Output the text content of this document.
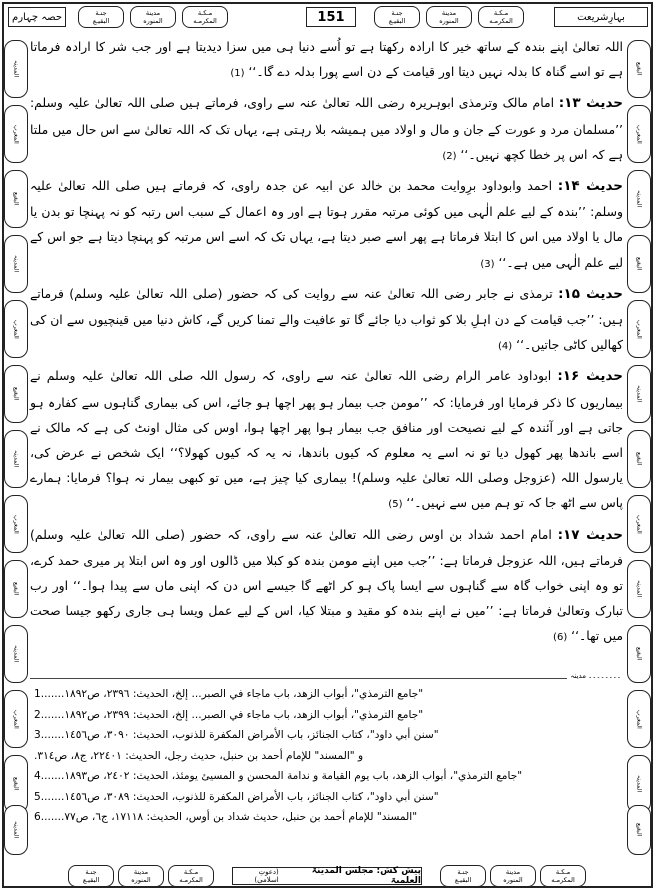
حصہ چہارم	جنـة
البقيـع
مدينة
المنوره
مـكـة
المكرمـه	151	جنـة
البقيـع
مدينة
المنوره
مـكـة
المكرمـه	بہارِشریعت
المدینہ
المغرب
البقیع
المدینہ
المغرب
البقیع
المدینہ
المغرب
البقیع
المدینہ
المغرب
البقیع
المدینہ
البقیع
المغرب
المدینہ
البقیع
المغرب
المدینہ
البقیع
المغرب
المدینہ
البقیع
المغرب
المدینہ
البقیع

اللہ تعالیٰ اپنے بندہ کے ساتھ خیر کا ارادہ رکھتا ہے تو اُسے دنیا ہی میں سزا دیدیتا ہے اور جب شر کا ارادہ فرماتا ہے تو اسے گناہ کا بدلہ نہیں دیتا اور قیامت کے دن اسے پورا بدلہ دے گا۔‘‘ (1)

حدیث ۱۳: امام مالک وترمذی ابوہریرہ رضی اللہ تعالیٰ عنہ سے راوی، فرماتے ہیں صلی اللہ تعالیٰ علیہ وسلم: ’’مسلمان مرد و عورت کے جان و مال و اولاد میں ہمیشہ بلا رہتی ہے، یہاں تک کہ اللہ تعالیٰ سے اس حال میں ملتا ہے کہ اس پر خطا کچھ نہیں۔‘‘ (2)

حدیث ۱۴: احمد وابوداود برِوایت محمد بن خالد عن ابیہ عن جدہ راوی، کہ فرماتے ہیں صلی اللہ تعالیٰ علیہ وسلم: ’’بندہ کے لیے علم الٰہی میں کوئی مرتبہ مقرر ہوتا ہے اور وہ اعمال کے سبب اس رتبہ کو نہ پہنچا تو بدن یا مال یا اولاد میں اس کا ابتلا فرماتا ہے پھر اسے صبر دیتا ہے، یہاں تک کہ اسے اس مرتبہ کو پہنچا دیتا ہے جو اس کے لیے علم الٰہی میں ہے۔‘‘ (3)

حدیث ۱۵: ترمذی نے جابر رضی اللہ تعالیٰ عنہ سے روایت کی کہ حضور (صلی اللہ تعالیٰ علیہ وسلم) فرماتے ہیں: ’’جب قیامت کے دن اہلِ بلا کو ثواب دیا جائے گا تو عافیت والے تمنا کریں گے، کاش دنیا میں قینچیوں سے ان کی کھالیں کاٹی جاتیں۔‘‘ (4)

حدیث ۱۶: ابوداود عامر الرام رضی اللہ تعالیٰ عنہ سے راوی، کہ رسول اللہ صلی اللہ تعالیٰ علیہ وسلم نے بیماریوں کا ذکر فرمایا اور فرمایا: کہ ’’مومن جب بیمار ہو پھر اچھا ہو جائے، اس کی بیماری گناہوں سے کفارہ ہو جاتی ہے اور آئندہ کے لیے نصیحت اور منافق جب بیمار ہوا پھر اچھا ہوا، اوس کی مثال اونٹ کی ہے کہ مالک نے اسے باندھا پھر کھول دیا تو نہ اسے یہ معلوم کہ کیوں باندھا، نہ یہ کہ کیوں کھولا؟‘‘ ایک شخص نے عرض کی، یارسول اللہ (عزوجل وصلی اللہ تعالیٰ علیہ وسلم)! بیماری کیا چیز ہے، میں تو کبھی بیمار نہ ہوا؟ فرمایا: ہمارے پاس سے اٹھ جا کہ تو ہم میں سے نہیں۔‘‘ (5)

حدیث ۱۷: امام احمد شداد بن اوس رضی اللہ تعالیٰ عنہ سے راوی، کہ حضور (صلی اللہ تعالیٰ علیہ وسلم) فرماتے ہیں، اللہ عزوجل فرماتا ہے: ’’جب میں اپنے مومن بندہ کو کبلا میں ڈالوں اور وہ اس ابتلا پر میری حمد کرے، تو وہ اپنی خواب گاہ سے گناہوں سے ایسا پاک ہو کر اٹھے گا جیسے اس دن کہ اپنی ماں سے پیدا ہوا۔‘‘ اور رب تبارک وتعالیٰ فرماتا ہے: ’’میں نے اپنے بندہ کو مقید و مبتلا کیا، اس کے لیے عمل ویسا ہی جاری رکھو جیسا صحت میں تھا۔‘‘ (6)

۔۔۔۔۔۔۔۔ مدینہ
"جامع الترمذي"، أبواب الزهد، باب ماجاء في الصبر... إلخ، الحديث: ٢٣٩٦، ص١٨٩٢.
1......
"جامع الترمذي"، أبواب الزهد، باب ماجاء في الصبر... إلخ، الحديث: ٢٣٩٩، ص١٨٩٢.
2......
"سنن أبي داود"، كتاب الجنائز، باب الأمراض المكفرة للذنوب، الحديث: ٣٠٩٠، ص١٤٥٦.
3......
و "المسند" للإمام أحمد بن حنبل، حديث رجل، الحديث: ٢٢٤٠١، ج٨، ص٣١٤.
"جامع الترمذي"، أبواب الزهد، باب يوم القيامة و ندامة المحسن و المسيئ يومئذ، الحديث: ٢٤٠٢، ص١٨٩٣.
4......
"سنن أبي داود"، كتاب الجنائز، باب الأمراض المكفرة للذنوب، الحديث: ٣٠٨٩، ص١٤٥٦.
5......
"المسند" للإمام أحمد بن حنبل، حديث شداد بن أوس، الحديث: ١٧١١٨، ج٦، ص٧٧.
6......
جنـة
البقيـع
مدينة
المنوره
مـكـة
المكرمـه
پیش کش: مجلس المدینۃ العلمیۃ

(دعوتِ اسلامی)
جنـة
البقيـع
مدينة
المنوره
مـكـة
المكرمـه
